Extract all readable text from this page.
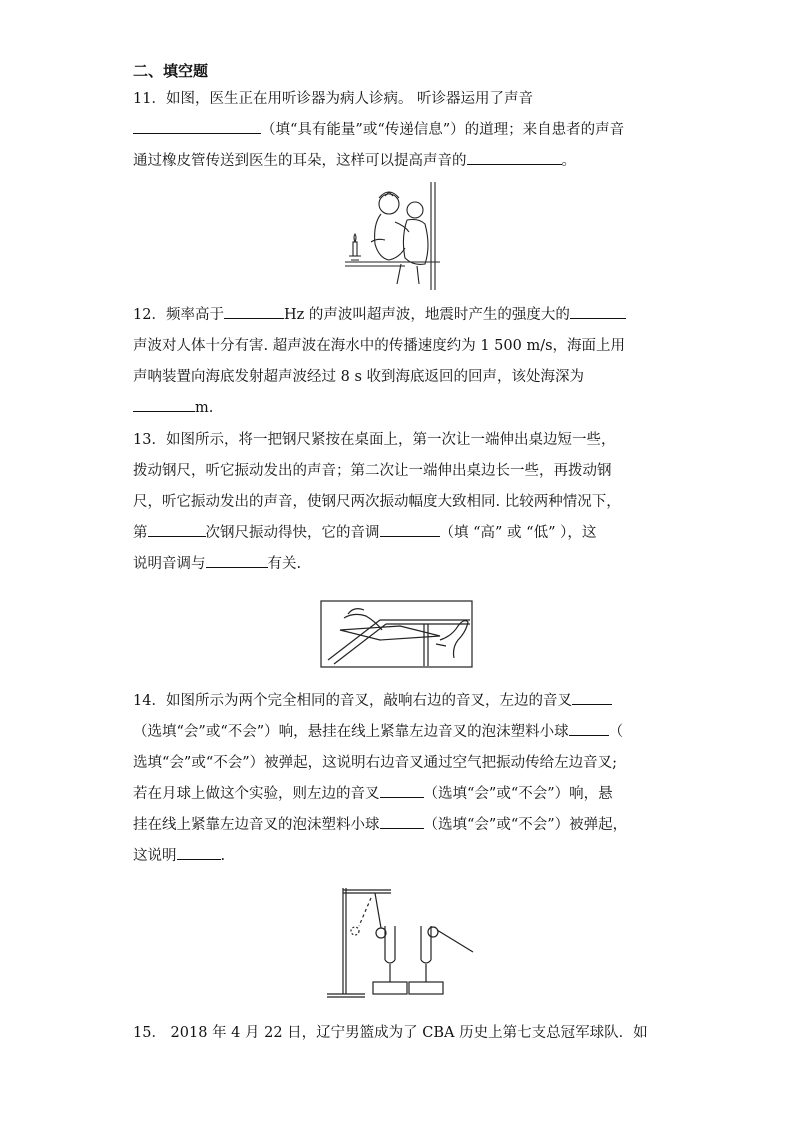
二、填空题
11．如图，医生正在用听诊器为病人诊病。 听诊器运用了声音
（填“具有能量”或“传递信息”）的道理；来自患者的声音
通过橡皮管传送到医生的耳朵，这样可以提高声音的	。
12．频率高于	Hz 的声波叫超声波，地震时产生的强度大的
声波对人体十分有害. 超声波在海水中的传播速度约为 1 500 m/s，海面上用
声呐装置向海底发射超声波经过 8 s 收到海底返回的回声，该处海深为
m.
13．如图所示，将一把钢尺紧按在桌面上，第一次让一端伸出桌边短一些，
拨动钢尺，听它振动发出的声音；第二次让一端伸出桌边长一些，再拨动钢
尺，听它振动发出的声音，使钢尺两次振动幅度大致相同. 比较两种情况下，
第	次钢尺振动得快，它的音调	（填 “高” 或 “低” ），这
说明音调与	有关.
14．如图所示为两个完全相同的音叉，敲响右边的音叉，左边的音叉
（选填“会”或“不会”）响，悬挂在线上紧靠左边音叉的泡沫塑料小球	（
选填“会”或“不会”）被弹起，这说明右边音叉通过空气把振动传给左边音叉;
若在月球上做这个实验，则左边的音叉	（选填“会”或“不会”）响，悬
挂在线上紧靠左边音叉的泡沫塑料小球	（选填“会”或“不会”）被弹起，
这说明	.
15． 2018 年 4 月 22 日，辽宁男篮成为了 CBA 历史上第七支总冠军球队．如
